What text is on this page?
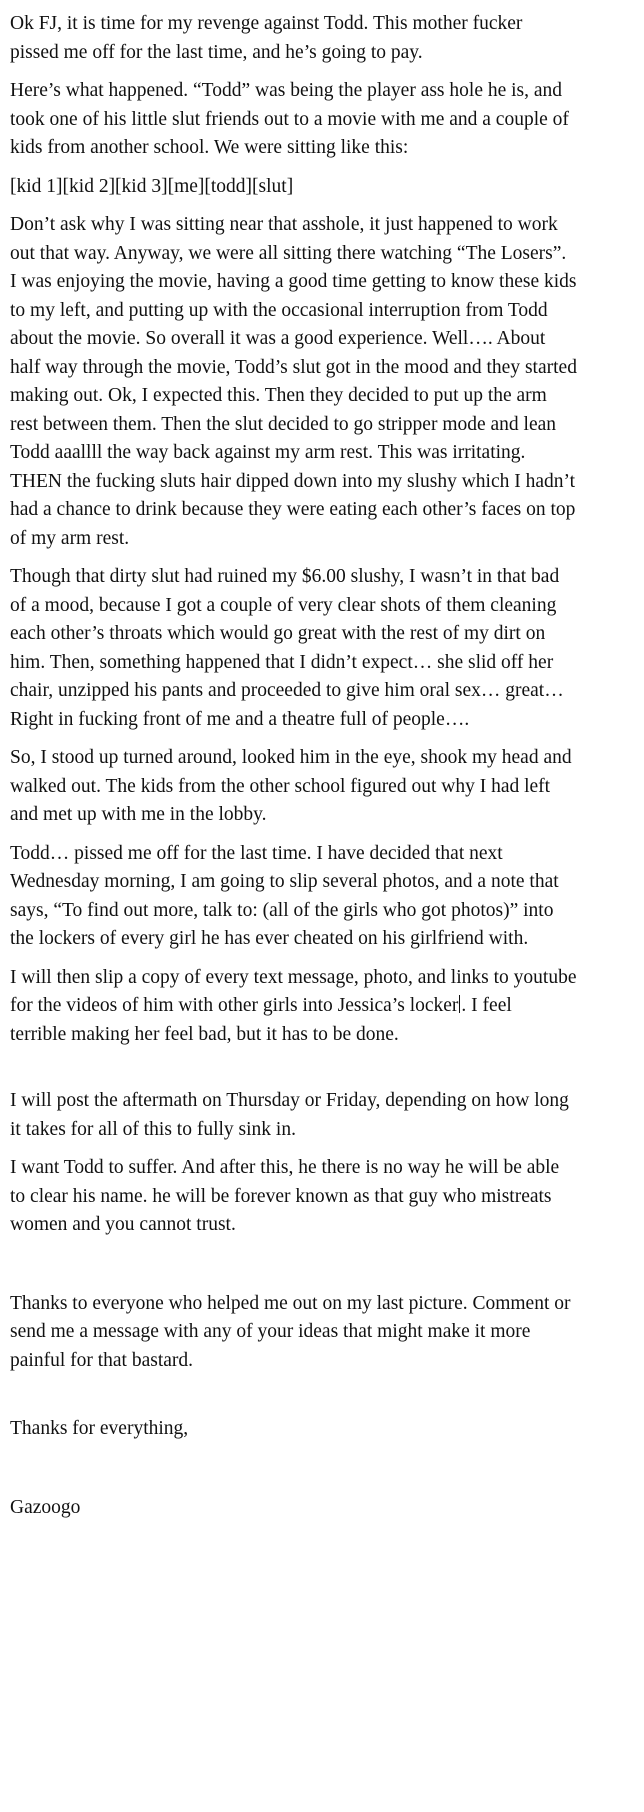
Ok FJ, it is time for my revenge against Todd. This mother fucker
pissed me off for the last time, and he’s going to pay.
Here’s what happened. “Todd” was being the player ass hole he is, and
took one of his little slut friends out to a movie with me and a couple of
kids from another school. We were sitting like this:
[kid 1][kid 2][kid 3][me][todd][slut]
Don’t ask why I was sitting near that asshole, it just happened to work
out that way. Anyway, we were all sitting there watching “The Losers”.
I was enjoying the movie, having a good time getting to know these kids
to my left, and putting up with the occasional interruption from Todd
about the movie. So overall it was a good experience. Well…. About
half way through the movie, Todd’s slut got in the mood and they started
making out. Ok, I expected this. Then they decided to put up the arm
rest between them. Then the slut decided to go stripper mode and lean
Todd aaallll the way back against my arm rest. This was irritating.
THEN the fucking sluts hair dipped down into my slushy which I hadn’t
had a chance to drink because they were eating each other’s faces on top
of my arm rest.
Though that dirty slut had ruined my $6.00 slushy, I wasn’t in that bad
of a mood, because I got a couple of very clear shots of them cleaning
each other’s throats which would go great with the rest of my dirt on
him. Then, something happened that I didn’t expect… she slid off her
chair, unzipped his pants and proceeded to give him oral sex… great…
Right in fucking front of me and a theatre full of people….
So, I stood up turned around, looked him in the eye, shook my head and
walked out. The kids from the other school figured out why I had left
and met up with me in the lobby.
Todd… pissed me off for the last time. I have decided that next
Wednesday morning, I am going to slip several photos, and a note that
says, “To find out more, talk to: (all of the girls who got photos)” into
the lockers of every girl he has ever cheated on his girlfriend with.
I will then slip a copy of every text message, photo, and links to youtube
for the videos of him with other girls into Jessica’s locker . I feel
terrible making her feel bad, but it has to be done.
I will post the aftermath on Thursday or Friday, depending on how long
it takes for all of this to fully sink in.
I want Todd to suffer. And after this, he there is no way he will be able
to clear his name. he will be forever known as that guy who mistreats
women and you cannot trust.
Thanks to everyone who helped me out on my last picture. Comment or
send me a message with any of your ideas that might make it more
painful for that bastard.
Thanks for everything,
Gazoogo
